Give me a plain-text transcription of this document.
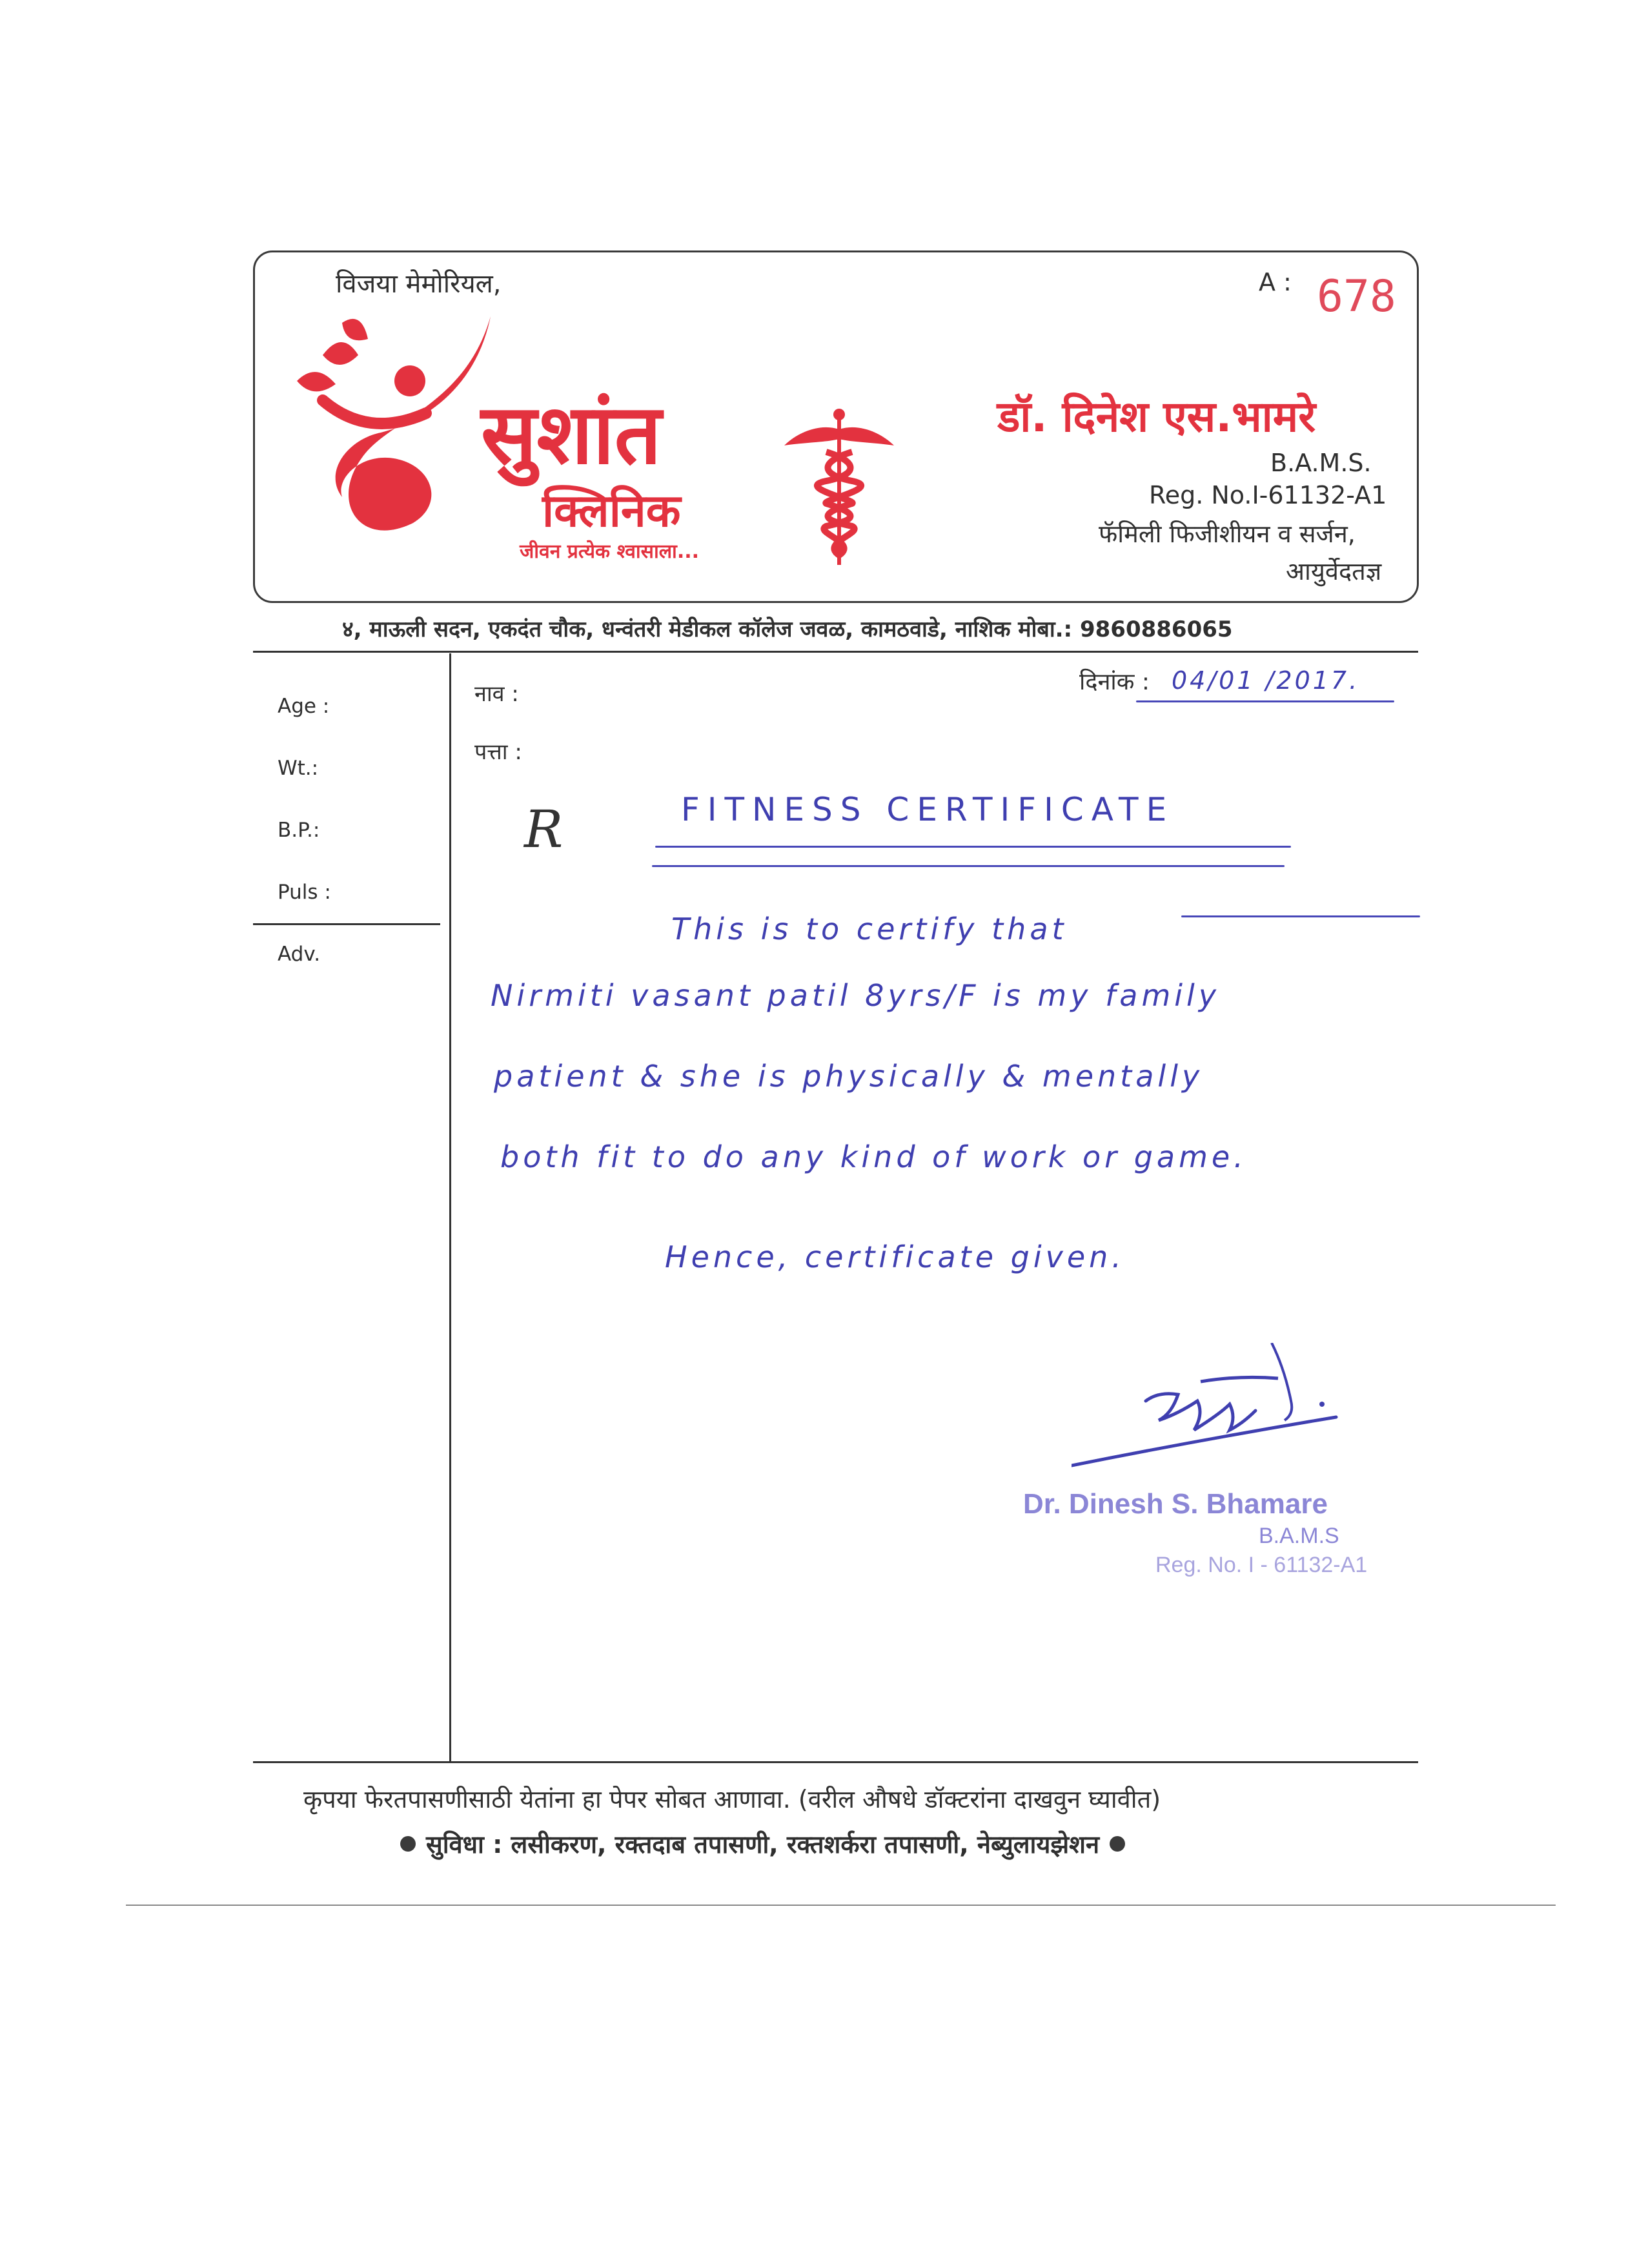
विजया मेमोरियल,	A : 678
सुशांत
क्लिनिक
जीवन प्रत्येक श्वासाला...
डॉ. दिनेश एस.भामरे
B.A.M.S.
Reg. No.I-61132-A1
फॅमिली फिजीशीयन व सर्जन,
आयुर्वेदतज्ञ
४, माऊली सदन, एकदंत चौक, धन्वंतरी मेडीकल कॉलेज जवळ, कामठवाडे, नाशिक मोबा.: 9860886065
Age :
Wt.:
B.P.:
Puls :
Adv.
नाव :
पत्ता :
दिनांक : 04/01 /2017.
R	FITNESS CERTIFICATE
This is to certify that
Nirmiti vasant patil 8yrs/F is my family
patient & she is physically & mentally
both fit to do any kind of work or game.
Hence, certificate given.
Dr. Dinesh S. Bhamare
B.A.M.S
Reg. No. I - 61132-A1
कृपया फेरतपासणीसाठी येतांना हा पेपर सोबत आणावा. (वरील औषधे डॉक्टरांना दाखवुन घ्यावीत)
सुविधा : लसीकरण, रक्तदाब तपासणी, रक्तशर्करा तपासणी, नेब्युलायझेशन
